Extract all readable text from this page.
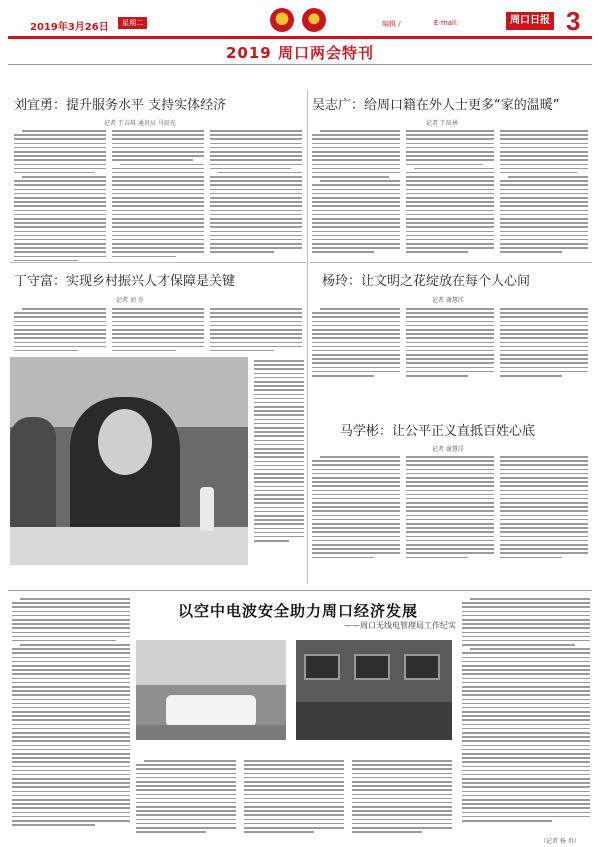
2019年3月26日	星期二	编辑 /	E-mail:	周口日报 3
2019 周口两会特刊
刘宜勇：提升服务水平 支持实体经济
记者 王吉琪 通讯员 马辰光
吴志广：给周口籍在外人士更多“家的温暖”
记者 王辰林
丁守富：实现乡村振兴人才保障是关键
记者 刘 乔
杨玲：让文明之花绽放在每个人心间
记者 谢慧洋
马学彬：让公平正义直抵百姓心底
记者 谢慧洋
以空中电波安全助力周口经济发展
——周口无线电管理局工作纪实
（记者 杨 冉）
